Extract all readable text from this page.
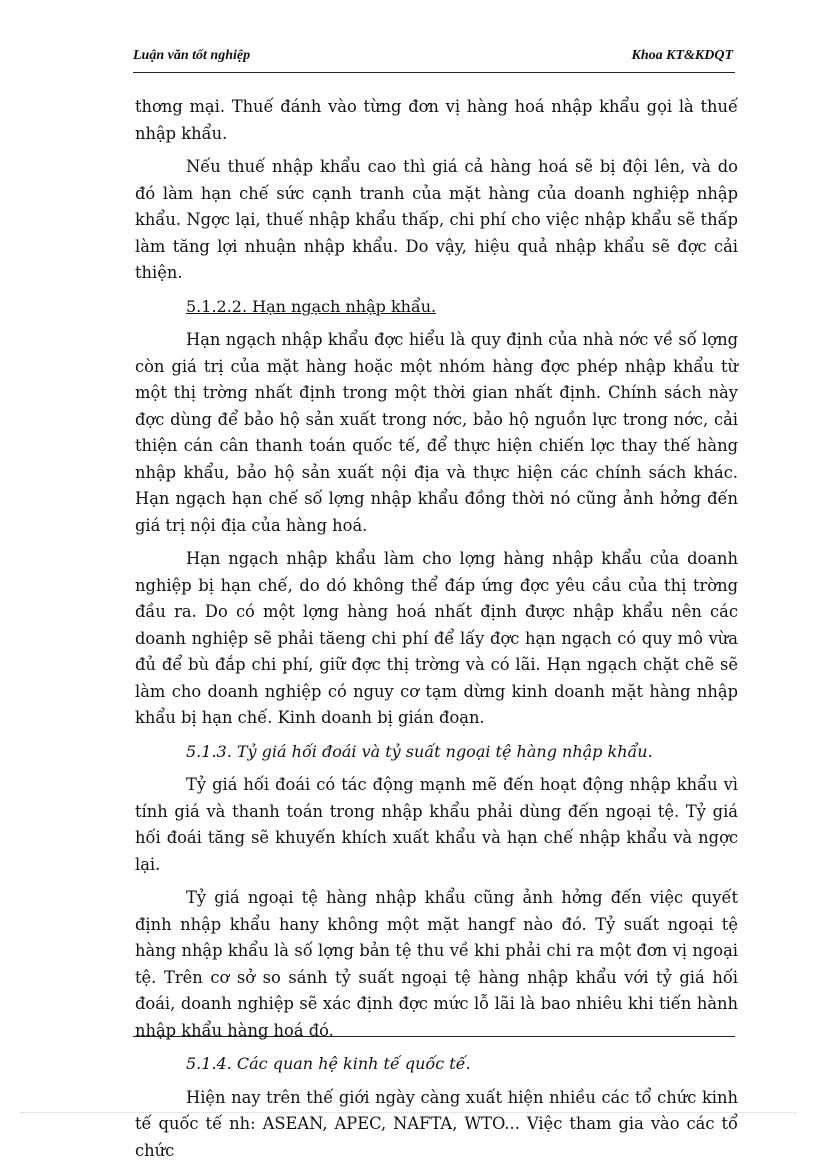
Luận văn tốt nghiệp	Khoa KT&KDQT

thơng mại. Thuế đánh vào từng đơn vị hàng hoá nhập khẩu gọi là thuế nhập khẩu.

Nếu thuế nhập khẩu cao thì giá cả hàng hoá sẽ bị đội lên, và do đó làm hạn chế sức cạnh tranh của mặt hàng của doanh nghiệp nhập khẩu. Ngợc lại, thuế nhập khẩu thấp, chi phí cho việc nhập khẩu sẽ thấp làm tăng lợi nhuận nhập khẩu. Do vậy, hiệu quả nhập khẩu sẽ đợc cải thiện.

5.1.2.2. Hạn ngạch nhập khẩu.

Hạn ngạch nhập khẩu đợc hiểu là quy định của nhà nớc về số lợng còn giá trị của mặt hàng hoặc một nhóm hàng đợc phép nhập khẩu từ một thị trờng nhất định trong một thời gian nhất định. Chính sách này đợc dùng để bảo hộ sản xuất trong nớc, bảo hộ nguồn lực trong nớc, cải thiện cán cân thanh toán quốc tế, để thực hiện chiến lợc thay thế hàng nhập khẩu, bảo hộ sản xuất nội địa và thực hiện các chính sách khác. Hạn ngạch hạn chế số lợng nhập khẩu đồng thời nó cũng ảnh hởng đến giá trị nội địa của hàng hoá.

Hạn ngạch nhập khẩu làm cho lợng hàng nhập khẩu của doanh nghiệp bị hạn chế, do dó không thể đáp ứng đợc yêu cầu của thị trờng đầu ra. Do có một lợng hàng hoá nhất định được nhập khẩu nên các doanh nghiệp sẽ phải tăeng chi phí để lấy đợc hạn ngạch có quy mô vừa đủ để bù đắp chi phí, giữ đợc thị trờng và có lãi. Hạn ngạch chặt chẽ sẽ làm cho doanh nghiệp có nguy cơ tạm dừng kinh doanh mặt hàng nhập khẩu bị hạn chế. Kinh doanh bị gián đoạn.

5.1.3. Tỷ giá hối đoái và tỷ suất ngoại tệ hàng nhập khẩu.

Tỷ giá hối đoái có tác động mạnh mẽ đến hoạt động nhập khẩu vì tính giá và thanh toán trong nhập khẩu phải dùng đến ngoại tệ. Tỷ giá hối đoái tăng sẽ khuyến khích xuất khẩu và hạn chế nhập khẩu và ngợc lại.

Tỷ giá ngoại tệ hàng nhập khẩu cũng ảnh hởng đến việc quyết định nhập khẩu hany không một mặt hangf nào đó. Tỷ suất ngoại tệ hàng nhập khẩu là số lợng bản tệ thu về khi phải chi ra một đơn vị ngoại tệ. Trên cơ sở so sánh tỷ suất ngoại tệ hàng nhập khẩu với tỷ giá hối đoái, doanh nghiệp sẽ xác định đợc mức lỗ lãi là bao nhiêu khi tiến hành nhập khẩu hàng hoá đó.

5.1.4. Các quan hệ kinh tế quốc tế.

Hiện nay trên thế giới ngày càng xuất hiện nhiều các tổ chức kinh tế quốc tế nh: ASEAN, APEC, NAFTA, WTO... Việc tham gia vào các tổ chức
